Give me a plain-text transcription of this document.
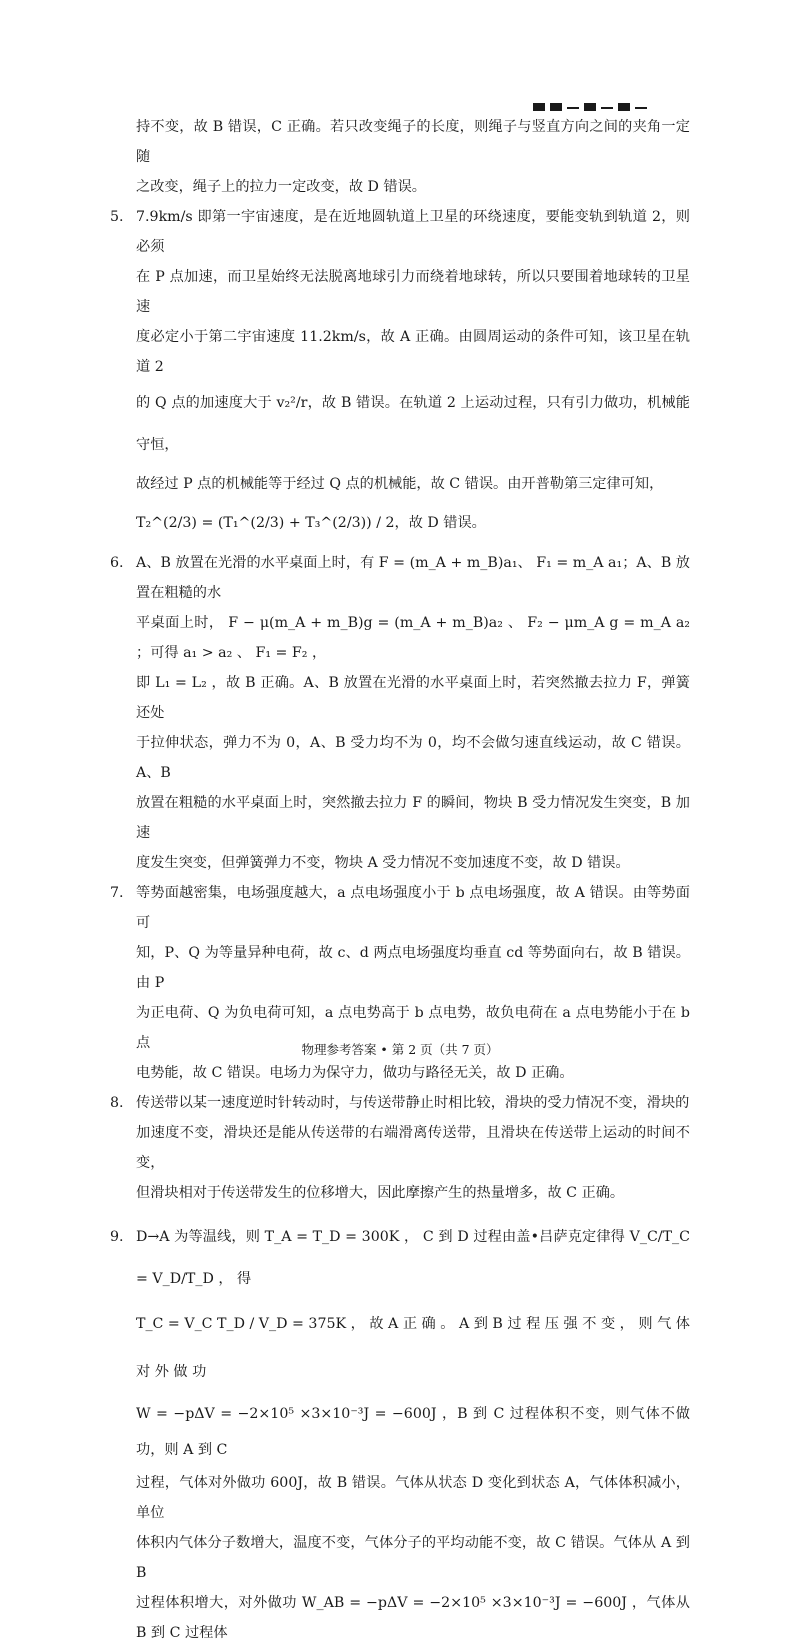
持不变，故 B 错误，C 正确。若只改变绳子的长度，则绳子与竖直方向之间的夹角一定随
之改变，绳子上的拉力一定改变，故 D 错误。
5. 7.9km/s 即第一宇宙速度，是在近地圆轨道上卫星的环绕速度，要能变轨到轨道 2，则必须
在 P 点加速，而卫星始终无法脱离地球引力而绕着地球转，所以只要围着地球转的卫星速
度必定小于第二宇宙速度 11.2km/s，故 A 正确。由圆周运动的条件可知，该卫星在轨道 2
的 Q 点的加速度大于 v₂²/r，故 B 错误。在轨道 2 上运动过程，只有引力做功，机械能守恒，
故经过 P 点的机械能等于经过 Q 点的机械能，故 C 错误。由开普勒第三定律可知，
T₂^(2/3) = (T₁^(2/3) + T₃^(2/3)) / 2，故 D 错误。
6. A、B 放置在光滑的水平桌面上时，有 F = (m_A + m_B)a₁、 F₁ = m_A a₁；A、B 放置在粗糙的水
平桌面上时， F − μ(m_A + m_B)g = (m_A + m_B)a₂ 、 F₂ − μm_A g = m_A a₂ ；可得 a₁ > a₂ 、 F₁ = F₂ ，
即 L₁ = L₂ ，故 B 正确。A、B 放置在光滑的水平桌面上时，若突然撤去拉力 F，弹簧还处
于拉伸状态，弹力不为 0，A、B 受力均不为 0，均不会做匀速直线运动，故 C 错误。A、B
放置在粗糙的水平桌面上时，突然撤去拉力 F 的瞬间，物块 B 受力情况发生突变，B 加速
度发生突变，但弹簧弹力不变，物块 A 受力情况不变加速度不变，故 D 错误。
7. 等势面越密集，电场强度越大，a 点电场强度小于 b 点电场强度，故 A 错误。由等势面可
知，P、Q 为等量异种电荷，故 c、d 两点电场强度均垂直 cd 等势面向右，故 B 错误。由 P
为正电荷、Q 为负电荷可知，a 点电势高于 b 点电势，故负电荷在 a 点电势能小于在 b 点
电势能，故 C 错误。电场力为保守力，做功与路径无关，故 D 正确。
8. 传送带以某一速度逆时针转动时，与传送带静止时相比较，滑块的受力情况不变，滑块的
加速度不变，滑块还是能从传送带的右端滑离传送带，且滑块在传送带上运动的时间不变，
但滑块相对于传送带发生的位移增大，因此摩擦产生的热量增多，故 C 正确。
9. D→A 为等温线，则 T_A = T_D = 300K ， C 到 D 过程由盖•吕萨克定律得 V_C/T_C = V_D/T_D ， 得
T_C = V_C T_D / V_D = 375K ， 故 A 正 确 。 A 到 B 过 程 压 强 不 变 ， 则 气 体 对 外 做 功
W = −pΔV = −2×10⁵ ×3×10⁻³J = −600J ，B 到 C 过程体积不变，则气体不做功，则 A 到 C
过程，气体对外做功 600J，故 B 错误。气体从状态 D 变化到状态 A，气体体积减小，单位
体积内气体分子数增大，温度不变，气体分子的平均动能不变，故 C 错误。气体从 A 到 B
过程体积增大，对外做功 W_AB = −pΔV = −2×10⁵ ×3×10⁻³J = −600J ，气体从 B 到 C 过程体
物理参考答案 • 第 2 页（共 7 页）
